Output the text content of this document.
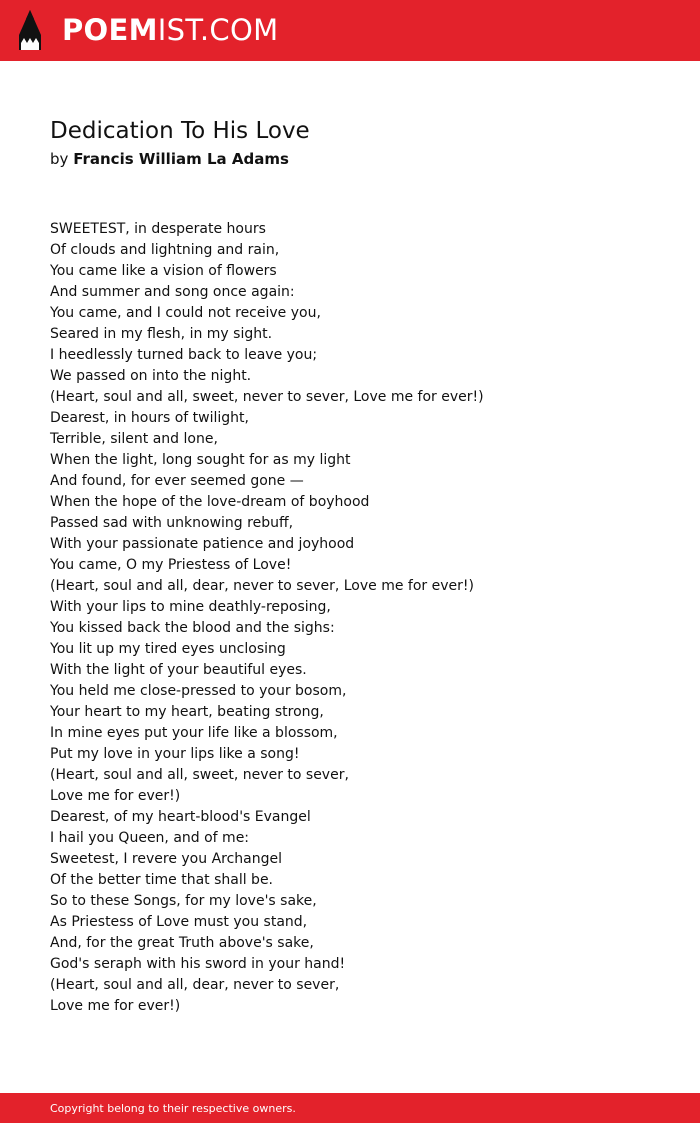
POEMIST.COM
Dedication To His Love
by Francis William La Adams
SWEETEST, in desperate hours
Of clouds and lightning and rain,
You came like a vision of flowers
And summer and song once again:
You came, and I could not receive you,
Seared in my flesh, in my sight.
I heedlessly turned back to leave you;
We passed on into the night.
(Heart, soul and all, sweet, never to sever, Love me for ever!)
Dearest, in hours of twilight,
Terrible, silent and lone,
When the light, long sought for as my light
And found, for ever seemed gone —
When the hope of the love-dream of boyhood
Passed sad with unknowing rebuff,
With your passionate patience and joyhood
You came, O my Priestess of Love!
(Heart, soul and all, dear, never to sever, Love me for ever!)
With your lips to mine deathly-reposing,
You kissed back the blood and the sighs:
You lit up my tired eyes unclosing
With the light of your beautiful eyes.
You held me close-pressed to your bosom,
Your heart to my heart, beating strong,
In mine eyes put your life like a blossom,
Put my love in your lips like a song!
(Heart, soul and all, sweet, never to sever,
Love me for ever!)
Dearest, of my heart-blood's Evangel
I hail you Queen, and of me:
Sweetest, I revere you Archangel
Of the better time that shall be.
So to these Songs, for my love's sake,
As Priestess of Love must you stand,
And, for the great Truth above's sake,
God's seraph with his sword in your hand!
(Heart, soul and all, dear, never to sever,
Love me for ever!)
Copyright belong to their respective owners.
